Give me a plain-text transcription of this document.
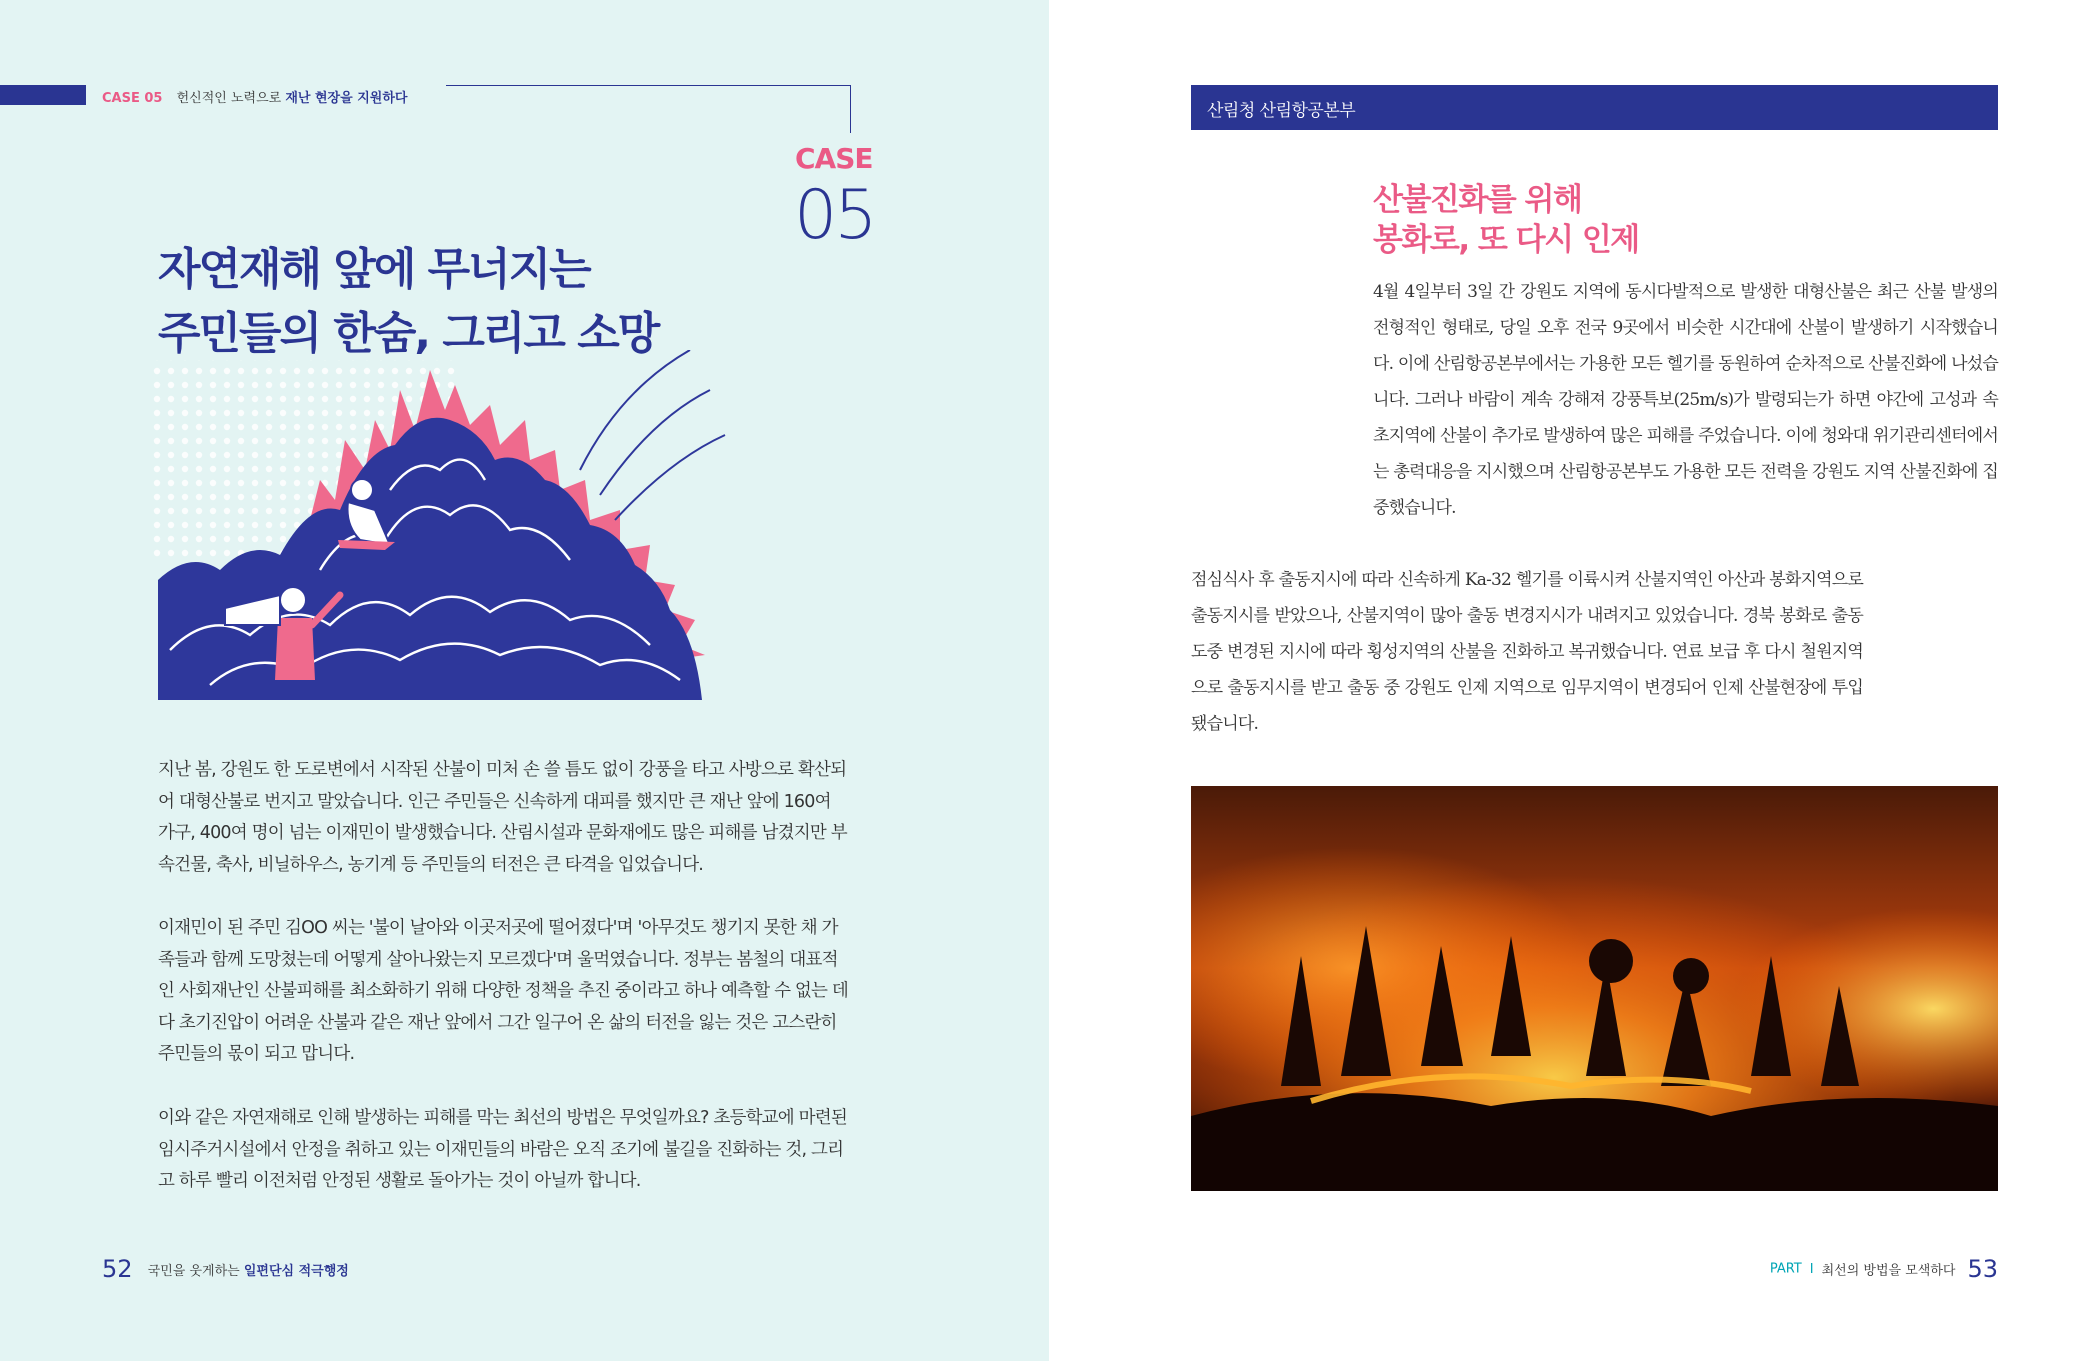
CASE 05 헌신적인 노력으로 재난 현장을 지원하다
CASE
05
자연재해 앞에 무너지는
주민들의 한숨, 그리고 소망

지난 봄, 강원도 한 도로변에서 시작된 산불이 미처 손 쓸 틈도 없이 강풍을 타고 사방으로 확산되어 대형산불로 번지고 말았습니다. 인근 주민들은 신속하게 대피를 했지만 큰 재난 앞에 160여 가구, 400여 명이 넘는 이재민이 발생했습니다. 산림시설과 문화재에도 많은 피해를 남겼지만 부속건물, 축사, 비닐하우스, 농기계 등 주민들의 터전은 큰 타격을 입었습니다.

이재민이 된 주민 김OO 씨는 '불이 날아와 이곳저곳에 떨어졌다'며 '아무것도 챙기지 못한 채 가족들과 함께 도망쳤는데 어떻게 살아나왔는지 모르겠다'며 울먹였습니다. 정부는 봄철의 대표적인 사회재난인 산불피해를 최소화하기 위해 다양한 정책을 추진 중이라고 하나 예측할 수 없는 데다 초기진압이 어려운 산불과 같은 재난 앞에서 그간 일구어 온 삶의 터전을 잃는 것은 고스란히 주민들의 몫이 되고 맙니다.

이와 같은 자연재해로 인해 발생하는 피해를 막는 최선의 방법은 무엇일까요? 초등학교에 마련된 임시주거시설에서 안정을 취하고 있는 이재민들의 바람은 오직 조기에 불길을 진화하는 것, 그리고 하루 빨리 이전처럼 안정된 생활로 돌아가는 것이 아닐까 합니다.

52 국민을 웃게하는 일편단심 적극행정
산림청 산림항공본부
산불진화를 위해
봉화로, 또 다시 인제

4월 4일부터 3일 간 강원도 지역에 동시다발적으로 발생한 대형산불은 최근 산불 발생의 전형적인 형태로, 당일 오후 전국 9곳에서 비슷한 시간대에 산불이 발생하기 시작했습니다. 이에 산림항공본부에서는 가용한 모든 헬기를 동원하여 순차적으로 산불진화에 나섰습니다. 그러나 바람이 계속 강해져 강풍특보(25m/s)가 발령되는가 하면 야간에 고성과 속초지역에 산불이 추가로 발생하여 많은 피해를 주었습니다. 이에 청와대 위기관리센터에서는 총력대응을 지시했으며 산림항공본부도 가용한 모든 전력을 강원도 지역 산불진화에 집중했습니다.

점심식사 후 출동지시에 따라 신속하게 Ka-32 헬기를 이륙시켜 산불지역인 아산과 봉화지역으로 출동지시를 받았으나, 산불지역이 많아 출동 변경지시가 내려지고 있었습니다. 경북 봉화로 출동 도중 변경된 지시에 따라 횡성지역의 산불을 진화하고 복귀했습니다. 연료 보급 후 다시 철원지역으로 출동지시를 받고 출동 중 강원도 인제 지역으로 임무지역이 변경되어 인제 산불현장에 투입됐습니다.

PART I 최선의 방법을 모색하다 53
